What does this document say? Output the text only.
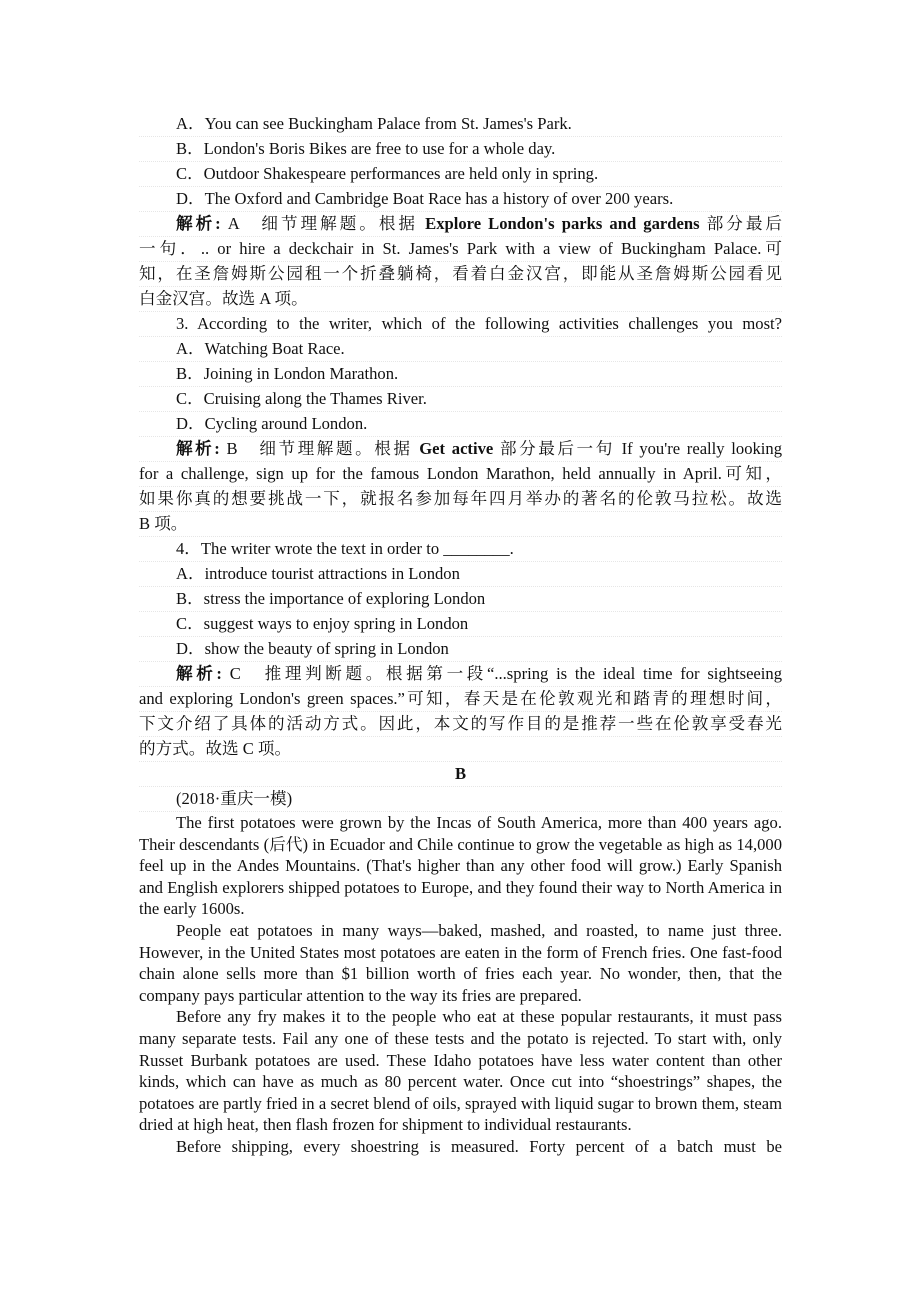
A．You can see Buckingham Palace from St. James's Park.

B．London's Boris Bikes are free to use for a whole day.

C．Outdoor Shakespeare performances are held only in spring.

D．The Oxford and Cambridge Boat Race has a history of over 200 years.

解析: A　细节理解题。根据 Explore London's parks and gardens 部分最后

一句．.. or hire a deckchair in St. James's Park with a view of Buckingham Palace.可

知，在圣詹姆斯公园租一个折叠躺椅，看着白金汉宫，即能从圣詹姆斯公园看见

白金汉宫。故选 A 项。

3. According to the writer, which of the following activities challenges you most?

A．Watching Boat Race.

B．Joining in London Marathon.

C．Cruising along the Thames River.

D．Cycling around London.

解析: B　细节理解题。根据 Get active 部分最后一句 If you're really looking

for a challenge, sign up for the famous London Marathon, held annually in April.可知，

如果你真的想要挑战一下，就报名参加每年四月举办的著名的伦敦马拉松。故选

B 项。

4．The writer wrote the text in order to ________.

A．introduce tourist attractions in London

B．stress the importance of exploring London

C．suggest ways to enjoy spring in London

D．show the beauty of spring in London

解析: C　推理判断题。根据第一段“...spring is the ideal time for sightseeing

and exploring London's green spaces.”可知，春天是在伦敦观光和踏青的理想时间，

下文介绍了具体的活动方式。因此，本文的写作目的是推荐一些在伦敦享受春光

的方式。故选 C 项。

B

(2018·重庆一模)

The first potatoes were grown by the Incas of South America, more than 400 years ago. Their descendants (后代) in Ecuador and Chile continue to grow the vegetable as high as 14,000 feel up in the Andes Mountains. (That's higher than any other food will grow.) Early Spanish and English explorers shipped potatoes to Europe, and they found their way to North America in the early 1600s.

People eat potatoes in many ways—baked, mashed, and roasted, to name just three. However, in the United States most potatoes are eaten in the form of French fries. One fast-food chain alone sells more than $1 billion worth of fries each year. No wonder, then, that the company pays particular attention to the way its fries are prepared.

Before any fry makes it to the people who eat at these popular restaurants, it must pass many separate tests. Fail any one of these tests and the potato is rejected. To start with, only Russet Burbank potatoes are used. These Idaho potatoes have less water content than other kinds, which can have as much as 80 percent water. Once cut into “shoestrings” shapes, the potatoes are partly fried in a secret blend of oils, sprayed with liquid sugar to brown them, steam dried at high heat, then flash frozen for shipment to individual restaurants.

Before shipping, every shoestring is measured. Forty percent of a batch must be
